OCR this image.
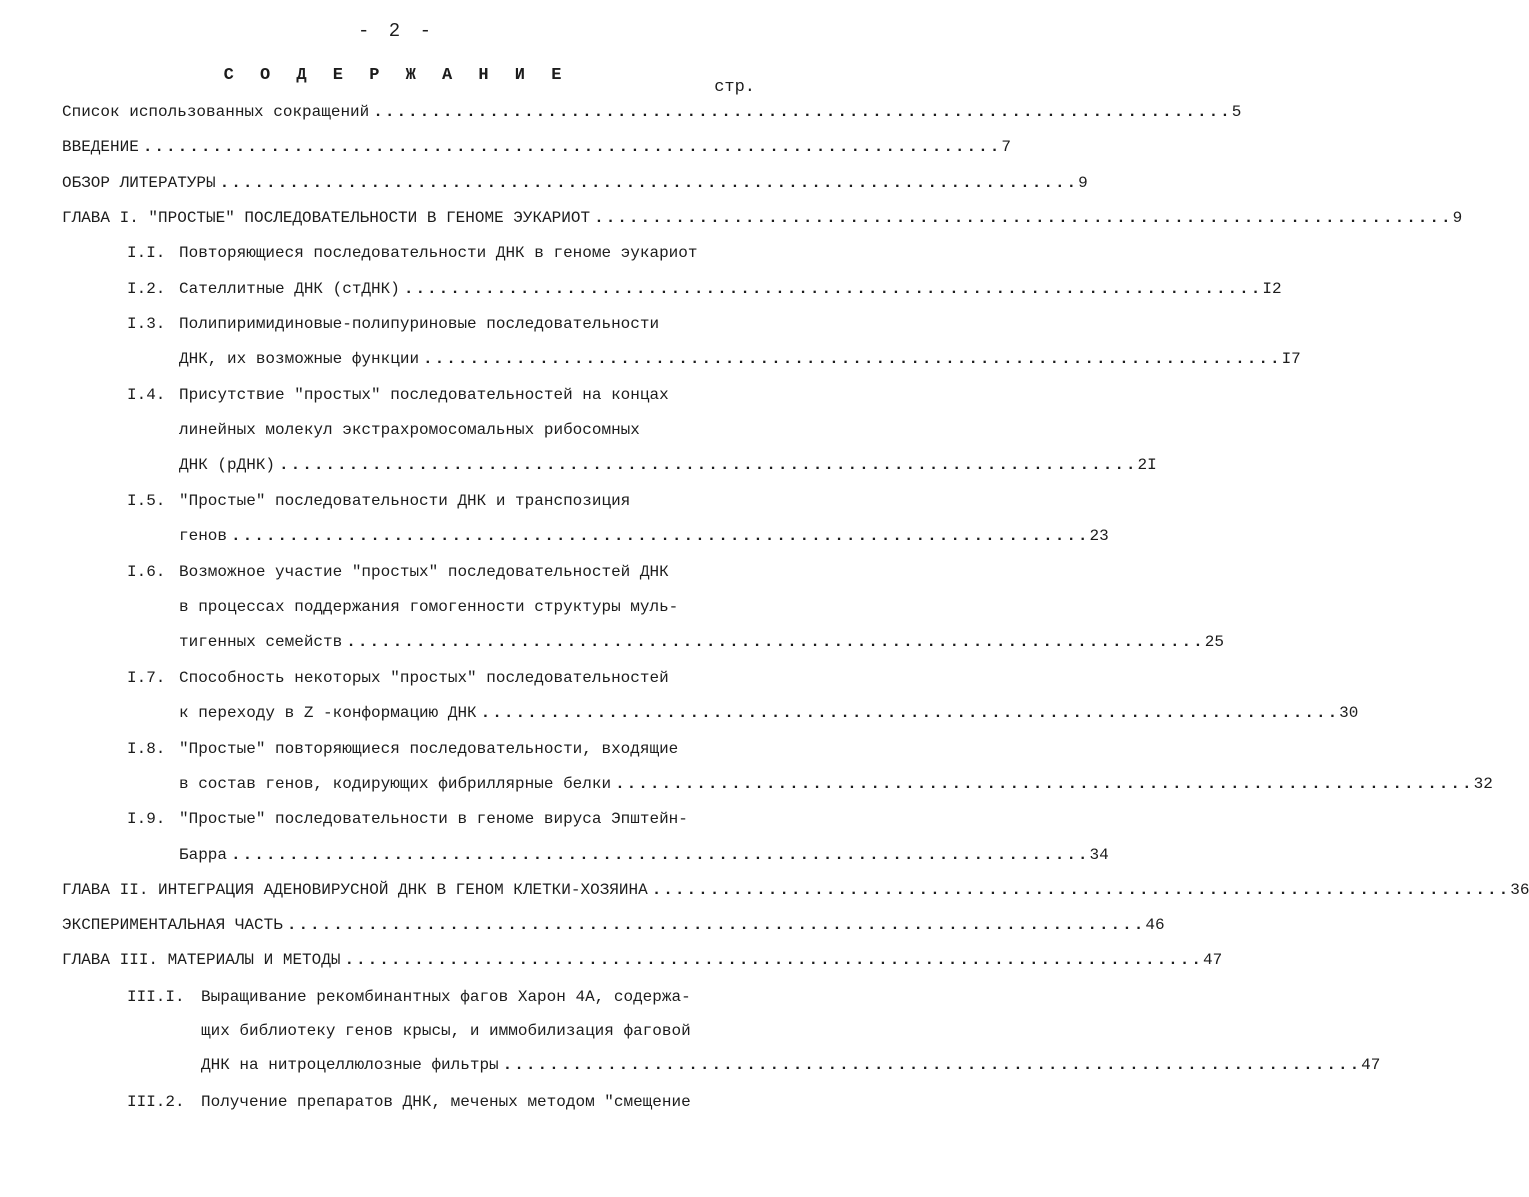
- 2 -
С О Д Е Р Ж А Н И Е
стр.
Список использованных сокращений .......................................................................... 5
ВВЕДЕНИЕ .......................................................................... 7
ОБЗОР ЛИТЕРАТУРЫ .......................................................................... 9
ГЛАВА I. "ПРОСТЫЕ" ПОСЛЕДОВАТЕЛЬНОСТИ В ГЕНОМЕ ЭУКАРИОТ .......................................................................... 9
I.I. Повторяющиеся последовательности ДНК в геноме эукариот
I.2. Сателлитные ДНК (стДНК) .......................................................................... I2
I.3. Полипиримидиновые-полипуриновые последовательности
ДНК, их возможные функции .......................................................................... I7
I.4. Присутствие "простых" последовательностей на концах
линейных молекул экстрахромосомальных рибосомных
ДНК (рДНК) .......................................................................... 2I
I.5. "Простые" последовательности ДНК и транспозиция
генов .......................................................................... 23
I.6. Возможное участие "простых" последовательностей ДНК
в процессах поддержания гомогенности структуры муль-
тигенных семейств .......................................................................... 25
I.7. Способность некоторых "простых" последовательностей
к переходу в Z -конформацию ДНК .......................................................................... 30
I.8. "Простые" повторяющиеся последовательности, входящие
в состав генов, кодирующих фибриллярные белки .......................................................................... 32
I.9. "Простые" последовательности в геноме вируса Эпштейн-
Барра .......................................................................... 34
ГЛАВА II. ИНТЕГРАЦИЯ АДЕНОВИРУСНОЙ ДНК В ГЕНОМ КЛЕТКИ-ХОЗЯИНА .......................................................................... 36
ЭКСПЕРИМЕНТАЛЬНАЯ ЧАСТЬ .......................................................................... 46
ГЛАВА III. МАТЕРИАЛЫ И МЕТОДЫ .......................................................................... 47
III.I. Выращивание рекомбинантных фагов Харон 4А, содержа-
щих библиотеку генов крысы, и иммобилизация фаговой
ДНК на нитроцеллюлозные фильтры .......................................................................... 47
III.2. Получение препаратов ДНК, меченых методом "смещение
